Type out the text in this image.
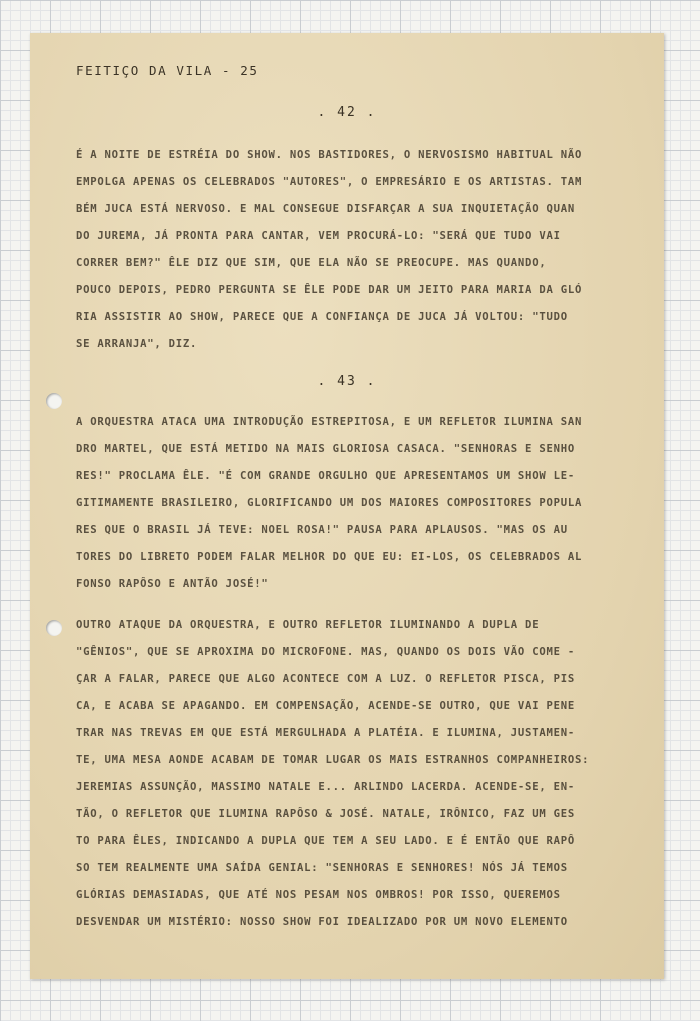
FEITIÇO DA VILA - 25
. 42 .

É A NOITE DE ESTRÉIA DO SHOW. NOS BASTIDORES, O NERVOSISMO HABITUAL NÃO
EMPOLGA APENAS OS CELEBRADOS "AUTORES", O EMPRESÁRIO E OS ARTISTAS. TAM
BÉM JUCA ESTÁ NERVOSO. E MAL CONSEGUE DISFARÇAR A SUA INQUIETAÇÃO QUAN
DO JUREMA, JÁ PRONTA PARA CANTAR, VEM PROCURÁ-LO: "SERÁ QUE TUDO VAI
CORRER BEM?" ÊLE DIZ QUE SIM, QUE ELA NÃO SE PREOCUPE. MAS QUANDO,
POUCO DEPOIS, PEDRO PERGUNTA SE ÊLE PODE DAR UM JEITO PARA MARIA DA GLÓ
RIA ASSISTIR AO SHOW, PARECE QUE A CONFIANÇA DE JUCA JÁ VOLTOU: "TUDO
SE ARRANJA", DIZ.

. 43 .

A ORQUESTRA ATACA UMA INTRODUÇÃO ESTREPITOSA, E UM REFLETOR ILUMINA SAN
DRO MARTEL, QUE ESTÁ METIDO NA MAIS GLORIOSA CASACA. "SENHORAS E SENHO
RES!" PROCLAMA ÊLE. "É COM GRANDE ORGULHO QUE APRESENTAMOS UM SHOW LE-
GITIMAMENTE BRASILEIRO, GLORIFICANDO UM DOS MAIORES COMPOSITORES POPULA
RES QUE O BRASIL JÁ TEVE: NOEL ROSA!" PAUSA PARA APLAUSOS. "MAS OS AU
TORES DO LIBRETO PODEM FALAR MELHOR DO QUE EU: EI-LOS, OS CELEBRADOS AL
FONSO RAPÔSO E ANTÃO JOSÉ!"

OUTRO ATAQUE DA ORQUESTRA, E OUTRO REFLETOR ILUMINANDO A DUPLA DE
"GÊNIOS", QUE SE APROXIMA DO MICROFONE. MAS, QUANDO OS DOIS VÃO COME -
ÇAR A FALAR, PARECE QUE ALGO ACONTECE COM A LUZ. O REFLETOR PISCA, PIS
CA, E ACABA SE APAGANDO. EM COMPENSAÇÃO, ACENDE-SE OUTRO, QUE VAI PENE
TRAR NAS TREVAS EM QUE ESTÁ MERGULHADA A PLATÉIA. E ILUMINA, JUSTAMEN-
TE, UMA MESA AONDE ACABAM DE TOMAR LUGAR OS MAIS ESTRANHOS COMPANHEIROS:
JEREMIAS ASSUNÇÃO, MASSIMO NATALE E... ARLINDO LACERDA. ACENDE-SE, EN-
TÃO, O REFLETOR QUE ILUMINA RAPÔSO & JOSÉ. NATALE, IRÔNICO, FAZ UM GES
TO PARA ÊLES, INDICANDO A DUPLA QUE TEM A SEU LADO. E É ENTÃO QUE RAPÔ
SO TEM REALMENTE UMA SAÍDA GENIAL: "SENHORAS E SENHORES! NÓS JÁ TEMOS
GLÓRIAS DEMASIADAS, QUE ATÉ NOS PESAM NOS OMBROS! POR ISSO, QUEREMOS
DESVENDAR UM MISTÉRIO: NOSSO SHOW FOI IDEALIZADO POR UM NOVO ELEMENTO
